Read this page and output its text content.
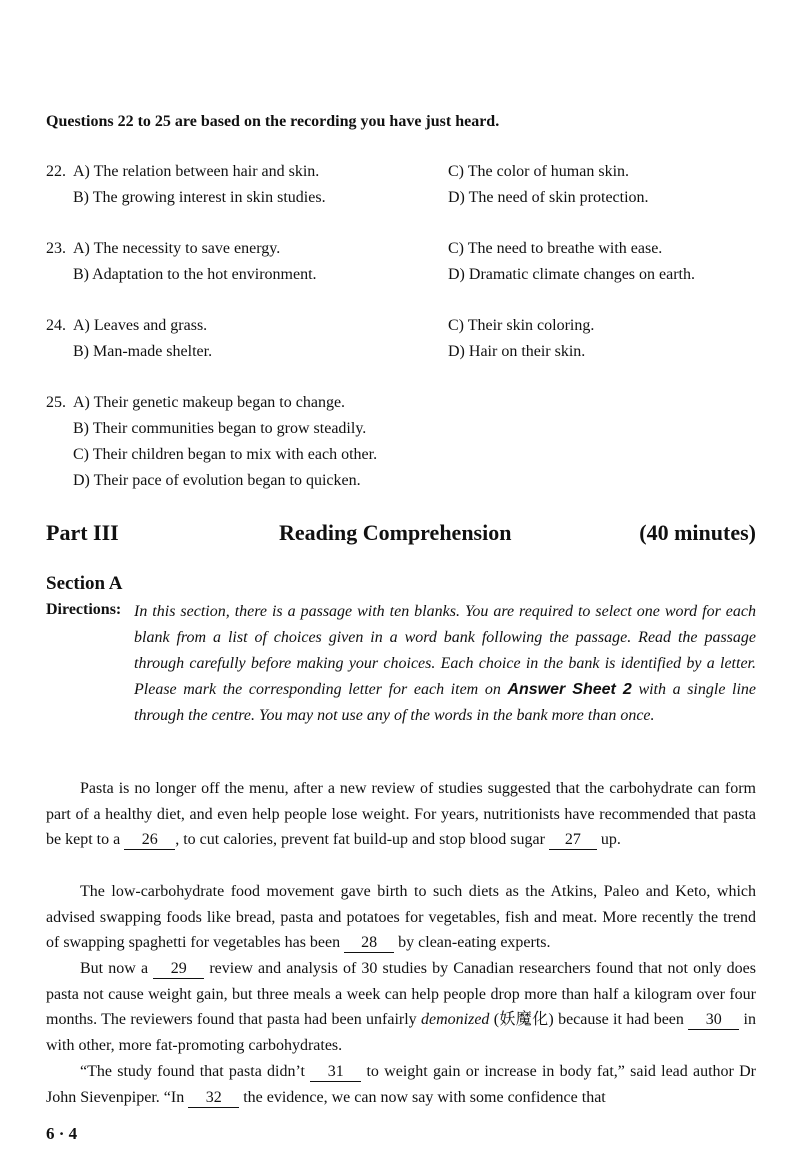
Questions 22 to 25 are based on the recording you have just heard.
22. A) The relation between hair and skin.
B) The growing interest in skin studies.
C) The color of human skin.
D) The need of skin protection.
23. A) The necessity to save energy.
B) Adaptation to the hot environment.
C) The need to breathe with ease.
D) Dramatic climate changes on earth.
24. A) Leaves and grass.
B) Man-made shelter.
C) Their skin coloring.
D) Hair on their skin.
25. A) Their genetic makeup began to change.
B) Their communities began to grow steadily.
C) Their children began to mix with each other.
D) Their pace of evolution began to quicken.
Part III	Reading Comprehension	(40 minutes)
Section A
Directions: In this section, there is a passage with ten blanks. You are required to select one word for each blank from a list of choices given in a word bank following the passage. Read the passage through carefully before making your choices. Each choice in the bank is identified by a letter. Please mark the corresponding letter for each item on Answer Sheet 2 with a single line through the centre. You may not use any of the words in the bank more than once.

Pasta is no longer off the menu, after a new review of studies suggested that the carbohydrate can form part of a healthy diet, and even help people lose weight. For years, nutritionists have recommended that pasta be kept to a 26 , to cut calories, prevent fat build-up and stop blood sugar 27 up.

The low-carbohydrate food movement gave birth to such diets as the Atkins, Paleo and Keto, which advised swapping foods like bread, pasta and potatoes for vegetables, fish and meat. More recently the trend of swapping spaghetti for vegetables has been 28 by clean-eating experts.

But now a 29 review and analysis of 30 studies by Canadian researchers found that not only does pasta not cause weight gain, but three meals a week can help people drop more than half a kilogram over four months. The reviewers found that pasta had been unfairly demonized (妖魔化) because it had been 30 in with other, more fat-promoting carbohydrates.

“The study found that pasta didn’t 31 to weight gain or increase in body fat,” said lead author Dr John Sievenpiper. “In 32 the evidence, we can now say with some confidence that

6 · 4
